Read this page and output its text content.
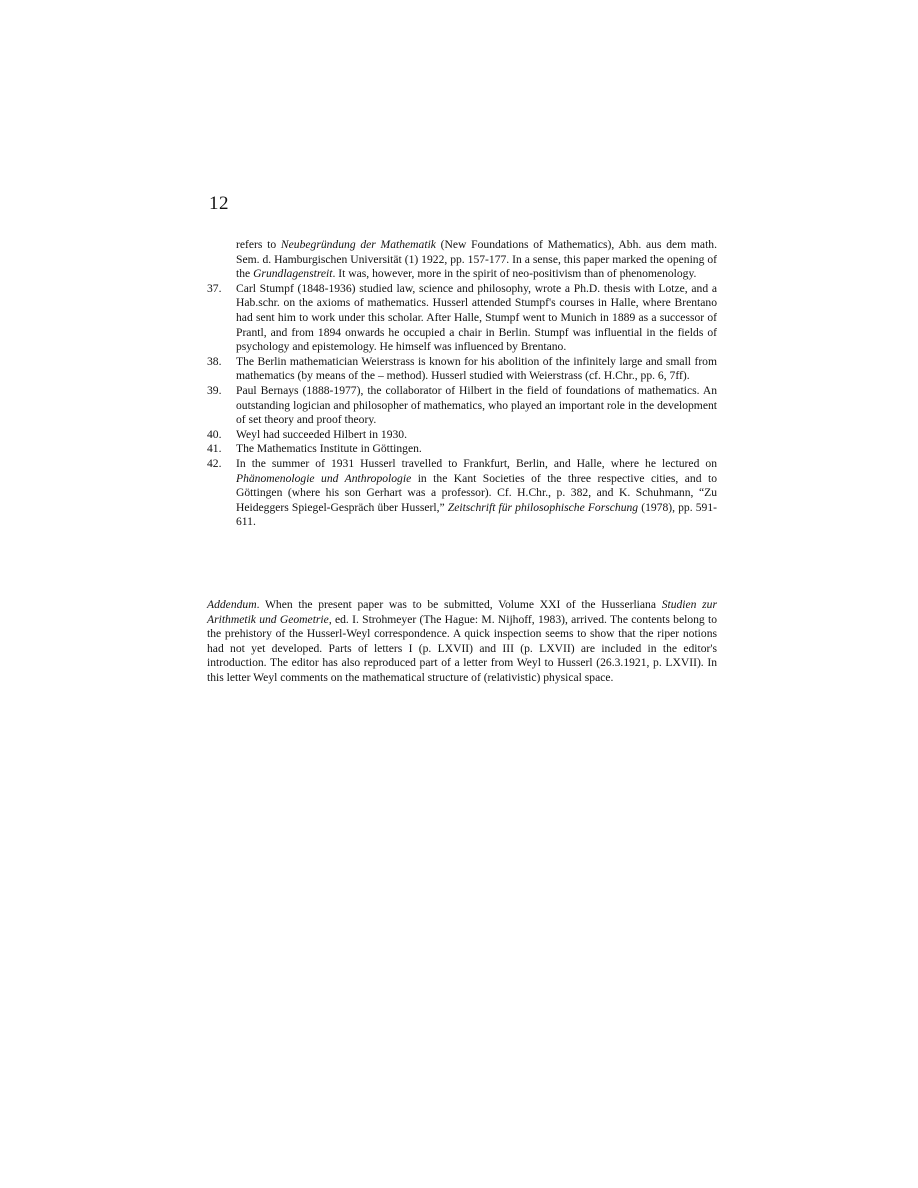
12
refers to Neubegründung der Mathematik (New Foundations of Mathematics), Abh. aus dem math. Sem. d. Hamburgischen Universität (1) 1922, pp. 157-177. In a sense, this paper marked the opening of the Grundlagenstreit. It was, however, more in the spirit of neo-positivism than of phenomenology.
37.	Carl Stumpf (1848-1936) studied law, science and philosophy, wrote a Ph.D. thesis with Lotze, and a Hab.schr. on the axioms of mathematics. Husserl attended Stumpf's courses in Halle, where Brentano had sent him to work under this scholar. After Halle, Stumpf went to Munich in 1889 as a successor of Prantl, and from 1894 onwards he occupied a chair in Berlin. Stumpf was influential in the fields of psychology and epistemology. He himself was influenced by Brentano.
38.	The Berlin mathematician Weierstrass is known for his abolition of the infinitely large and small from mathematics (by means of the – method). Husserl studied with Weierstrass (cf. H.Chr., pp. 6, 7ff).
39.	Paul Bernays (1888-1977), the collaborator of Hilbert in the field of foundations of mathematics. An outstanding logician and philosopher of mathematics, who played an important role in the development of set theory and proof theory.
40.	Weyl had succeeded Hilbert in 1930.
41.	The Mathematics Institute in Göttingen.
42.	In the summer of 1931 Husserl travelled to Frankfurt, Berlin, and Halle, where he lectured on Phänomenologie und Anthropologie in the Kant Societies of the three respective cities, and to Göttingen (where his son Gerhart was a professor). Cf. H.Chr., p. 382, and K. Schuhmann, “Zu Heideggers Spiegel-Gespräch über Husserl,” Zeitschrift für philosophische Forschung (1978), pp. 591-611.
Addendum. When the present paper was to be submitted, Volume XXI of the Husserliana Studien zur Arithmetik und Geometrie, ed. I. Strohmeyer (The Hague: M. Nijhoff, 1983), arrived. The contents belong to the prehistory of the Husserl-Weyl correspondence. A quick inspection seems to show that the riper notions had not yet developed. Parts of letters I (p. LXVII) and III (p. LXVII) are included in the editor's introduction. The editor has also reproduced part of a letter from Weyl to Husserl (26.3.1921, p. LXVII). In this letter Weyl comments on the mathematical structure of (relativistic) physical space.
